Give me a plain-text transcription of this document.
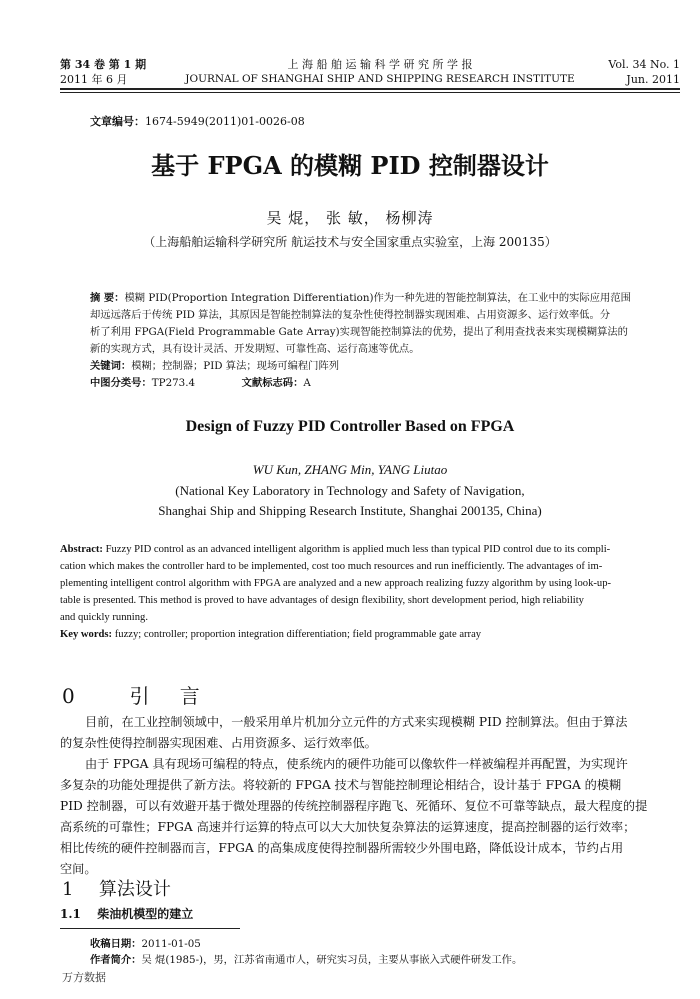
第 34 卷 第 1 期
2011 年 6 月
上 海 船 舶 运 输 科 学 研 究 所 学 报
JOURNAL OF SHANGHAI SHIP AND SHIPPING RESEARCH INSTITUTE
Vol. 34 No. 1
Jun. 2011
文章编号：1674-5949(2011)01-0026-08
基于 FPGA 的模糊 PID 控制器设计
吴 焜， 张 敏， 杨柳涛
（上海船舶运输科学研究所 航运技术与安全国家重点实验室，上海 200135）
摘 要：模糊 PID(Proportion Integration Differentiation)作为一种先进的智能控制算法，在工业中的实际应用范围
却远远落后于传统 PID 算法，其原因是智能控制算法的复杂性使得控制器实现困难、占用资源多、运行效率低。分
析了利用 FPGA(Field Programmable Gate Array)实现智能控制算法的优势，提出了利用查找表来实现模糊算法的
新的实现方式，具有设计灵活、开发期短、可靠性高、运行高速等优点。
关键词：模糊；控制器；PID 算法；现场可编程门阵列
中图分类号：TP273.4	文献标志码：A
Design of Fuzzy PID Controller Based on FPGA
WU Kun, ZHANG Min, YANG Liutao
(National Key Laboratory in Technology and Safety of Navigation,
Shanghai Ship and Shipping Research Institute, Shanghai 200135, China)
Abstract: Fuzzy PID control as an advanced intelligent algorithm is applied much less than typical PID control due to its compli-
cation which makes the controller hard to be implemented, cost too much resources and run inefficiently. The advantages of im-
plementing intelligent control algorithm with FPGA are analyzed and a new approach realizing fuzzy algorithm by using look-up-
table is presented. This method is proved to have advantages of design flexibility, short development period, high reliability
and quickly running.
Key words: fuzzy; controller; proportion integration differentiation; field programmable gate array
0 引 言
目前，在工业控制领域中，一般采用单片机加分立元件的方式来实现模糊 PID 控制算法。但由于算法
的复杂性使得控制器实现困难、占用资源多、运行效率低。
由于 FPGA 具有现场可编程的特点，使系统内的硬件功能可以像软件一样被编程并再配置，为实现许
多复杂的功能处理提供了新方法。将较新的 FPGA 技术与智能控制理论相结合，设计基于 FPGA 的模糊
PID 控制器，可以有效避开基于微处理器的传统控制器程序跑飞、死循环、复位不可靠等缺点，最大程度的提
高系统的可靠性；FPGA 高速并行运算的特点可以大大加快复杂算法的运算速度，提高控制器的运行效率；
相比传统的硬件控制器而言，FPGA 的高集成度使得控制器所需较少外围电路，降低设计成本，节约占用
空间。
1 算法设计
1.1 柴油机模型的建立
收稿日期：2011-01-05
作者简介：吴 焜(1985-)，男，江苏省南通市人，研究实习员，主要从事嵌入式硬件研发工作。
万方数据
